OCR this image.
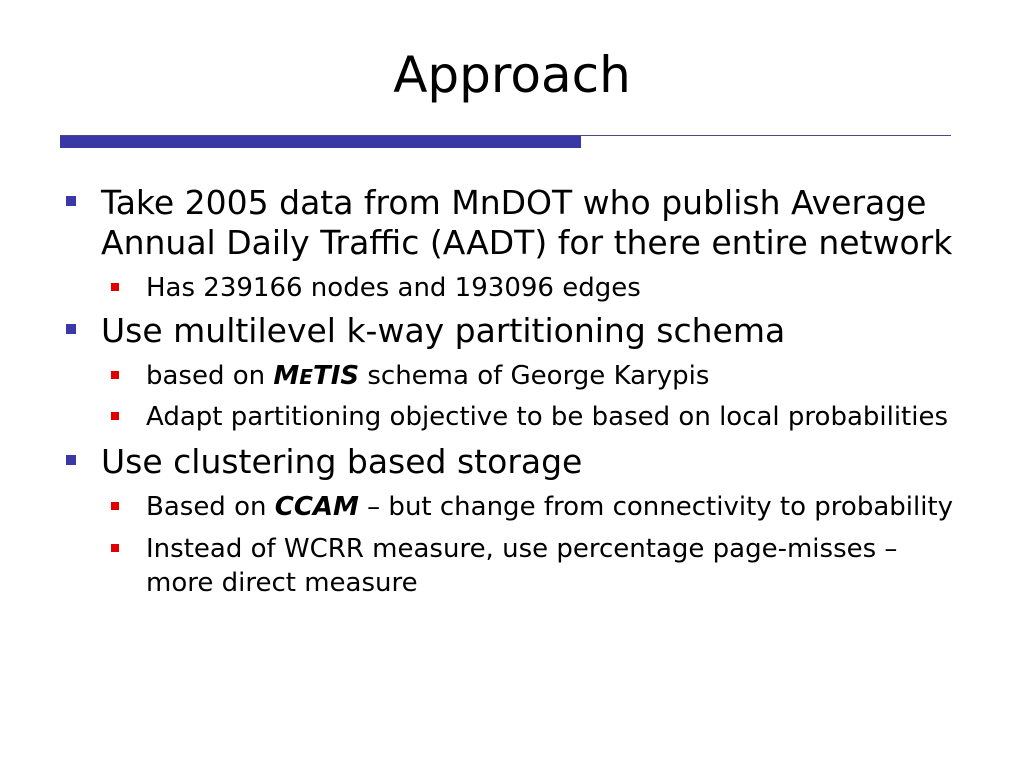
Approach
Take 2005 data from MnDOT who publish Average Annual Daily Traffic (AADT) for there entire network
Has 239166 nodes and 193096 edges
Use multilevel k-way partitioning schema
based on METIS schema of George Karypis
Adapt partitioning objective to be based on local probabilities
Use clustering based storage
Based on CCAM – but change from connectivity to probability
Instead of WCRR measure, use percentage page-misses – more direct measure
